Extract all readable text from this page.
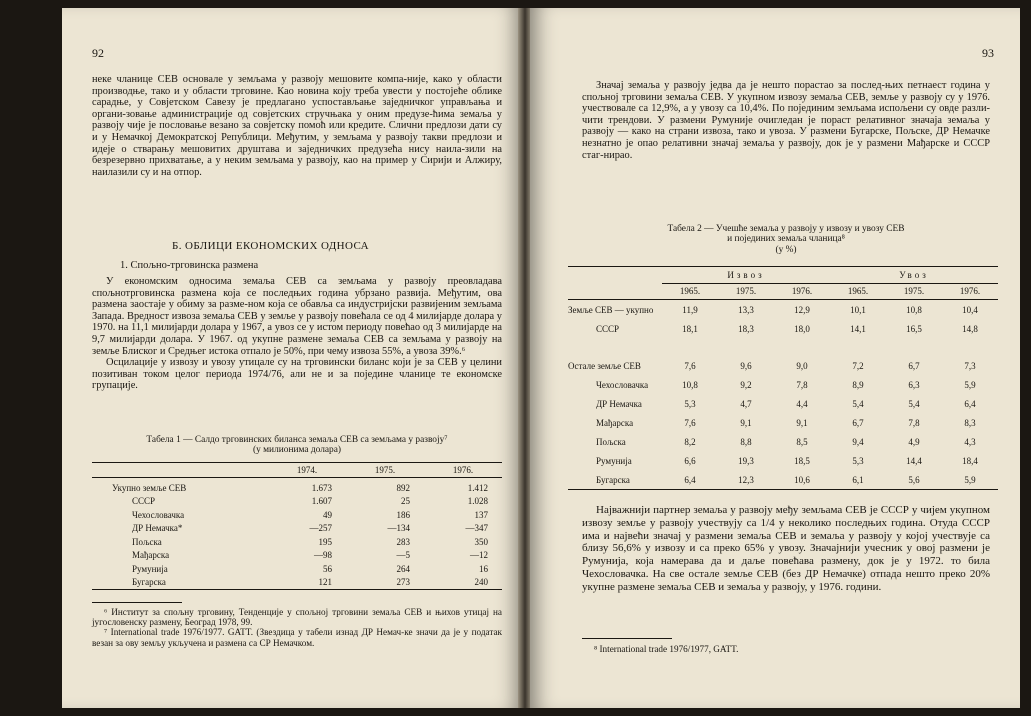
92

неке чланице СЕВ основале у земљама у развоју мешовите компа-није, како у области производње, тако и у области трговине. Као новина коју треба увести у постојеће облике сарадње, у Совјетском Савезу је предлагано успостављање заједничког управљања и органи-зовање администрације од совјетских стручњака у оним предузе-ћима земаља у развоју чије је пословање везано за совјетску помоћ или кредите. Слични предлози дати су и у Немачкој Демократској Републици. Међутим, у земљама у развоју такви предлози и идеје о стварању мешовитих друштава и заједничких предузећа нису наила-зили на безрезервно прихватање, а у неким земљама у развоју, као на пример у Сирији и Алжиру, наилазили су и на отпор.

Б. ОБЛИЦИ ЕКОНОМСКИХ ОДНОСА
1. Спољно-трговинска размена

У економским односима земаља СЕВ са земљама у развоју преовладава спољнотрговинска размена која се последњих година убрзано развија. Међутим, ова размена заостаје у обиму за разме-ном која се обавља са индустријски развијеним земљама Запада. Вредност извоза земаља СЕВ у земље у развоју повећала се од 4 милијарде долара у 1970. на 11,1 милијарди долара у 1967, а увоз се у истом периоду повећао од 3 милијарде на 9,7 милијарди долара. У 1967. од укупне размене земаља СЕВ са земљама у развоју на земље Блиског и Средњег истока отпало је 50%, при чему извоза 55%, а увоза 39%.⁶

Осцилације у извозу и увозу утицале су на трговински биланс који је за СЕВ у целини позитиван током целог периода 1974/76, али не и за поједине чланице те економске групације.

Табела 1 — Салдо трговинских биланса земаља СЕВ са земљама у развоју⁷
(у милионима долара)
	1974.	1975.	1976.
Укупно земље СЕВ	1.673	892	1.412
СССР	1.607	25	1.028
Чехословачка	49	186	137
ДР Немачка*	—257	—134	—347
Пољска	195	283	350
Мађарска	—98	—5	—12
Румунија	56	264	16
Бугарска	121	273	240

⁶ Институт за спољну трговину, Тенденције у спољној трговини земаља СЕВ и њихов утицај на југословенску размену, Београд 1978, 99.

⁷ International trade 1976/1977. GATT. (Звездица у табели изнад ДР Немач-ке значи да је у податак везан за ову земљу укључена и размена са СР Немачком.

93

Значај земаља у развоју једва да је нешто порастао за послед-њих петнаест година у спољној трговини земаља СЕВ. У укупном извозу земаља СЕВ, земље у развоју су у 1976. учествовале са 12,9%, а у увозу са 10,4%. По појединим земљама испољени су овде разли-чити трендови. У размени Румуније очигледан је пораст релативног значаја земаља у развоју — како на страни извоза, тако и увоза. У размени Бугарске, Пољске, ДР Немачке незнатно је опао релативни значај земаља у развоју, док је у размени Мађарске и СССР стаг-нирао.

Табела 2 — Учешће земаља у развоју у извозу и увозу СЕВ
и појединих земаља чланица⁸
(у %)
	Извоз			Увоз		
	1965.	1975.	1976.	1965.	1975.	1976.
Земље СЕВ — укупно	11,9	13,3	12,9	10,1	10,8	10,4
СССР	18,1	18,3	18,0	14,1	16,5	14,8
Остале земље СЕВ	7,6	9,6	9,0	7,2	6,7	7,3
Чехословачка	10,8	9,2	7,8	8,9	6,3	5,9
ДР Немачка	5,3	4,7	4,4	5,4	5,4	6,4
Мађарска	7,6	9,1	9,1	6,7	7,8	8,3
Пољска	8,2	8,8	8,5	9,4	4,9	4,3
Румунија	6,6	19,3	18,5	5,3	14,4	18,4
Бугарска	6,4	12,3	10,6	6,1	5,6	5,9

Најважнији партнер земаља у развоју међу земљама СЕВ је СССР у чијем укупном извозу земље у развоју учествују са 1/4 у неколико последњих година. Отуда СССР има и највећи значај у размени земаља СЕВ и земаља у развоју у којој учествује са близу 56,6% у извозу и са преко 65% у увозу. Значајнији учесник у овој размени је Румунија, која намерава да и даље повећава размену, док је у 1972. то била Чехословачка. На све остале земље СЕВ (без ДР Немачке) отпада нешто преко 20% укупне размене земаља СЕВ и земаља у развоју, у 1976. години.

⁸ International trade 1976/1977, GATT.
